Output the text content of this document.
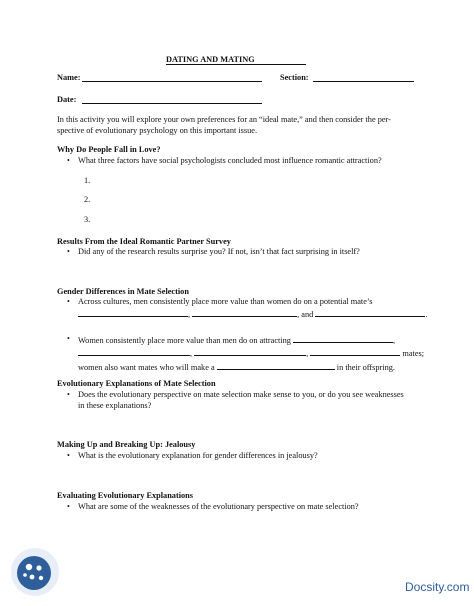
DATING AND MATING
Name:	Section:
Date:
In this activity you will explore your own preferences for an “ideal mate,” and then consider the per-
spective of evolutionary psychology on this important issue.
Why Do People Fall in Love?
• What three factors have social psychologists concluded most influence romantic attraction?
1.
2.
3.
Results From the Ideal Romantic Partner Survey
• Did any of the research results surprise you? If not, isn’t that fact surprising in itself?
Gender Differences in Mate Selection
• Across cultures, men consistently place more value than women do on a potential mate’s
,	, and	.
• Women consistently place more value than men do on attracting	,
,	,	mates;
women also want mates who will make a	in their offspring.
Evolutionary Explanations of Mate Selection
• Does the evolutionary perspective on mate selection make sense to you, or do you see weaknesses
in these explanations?
Making Up and Breaking Up: Jealousy
• What is the evolutionary explanation for gender differences in jealousy?
Evaluating Evolutionary Explanations
• What are some of the weaknesses of the evolutionary perspective on mate selection?
Docsity.com
